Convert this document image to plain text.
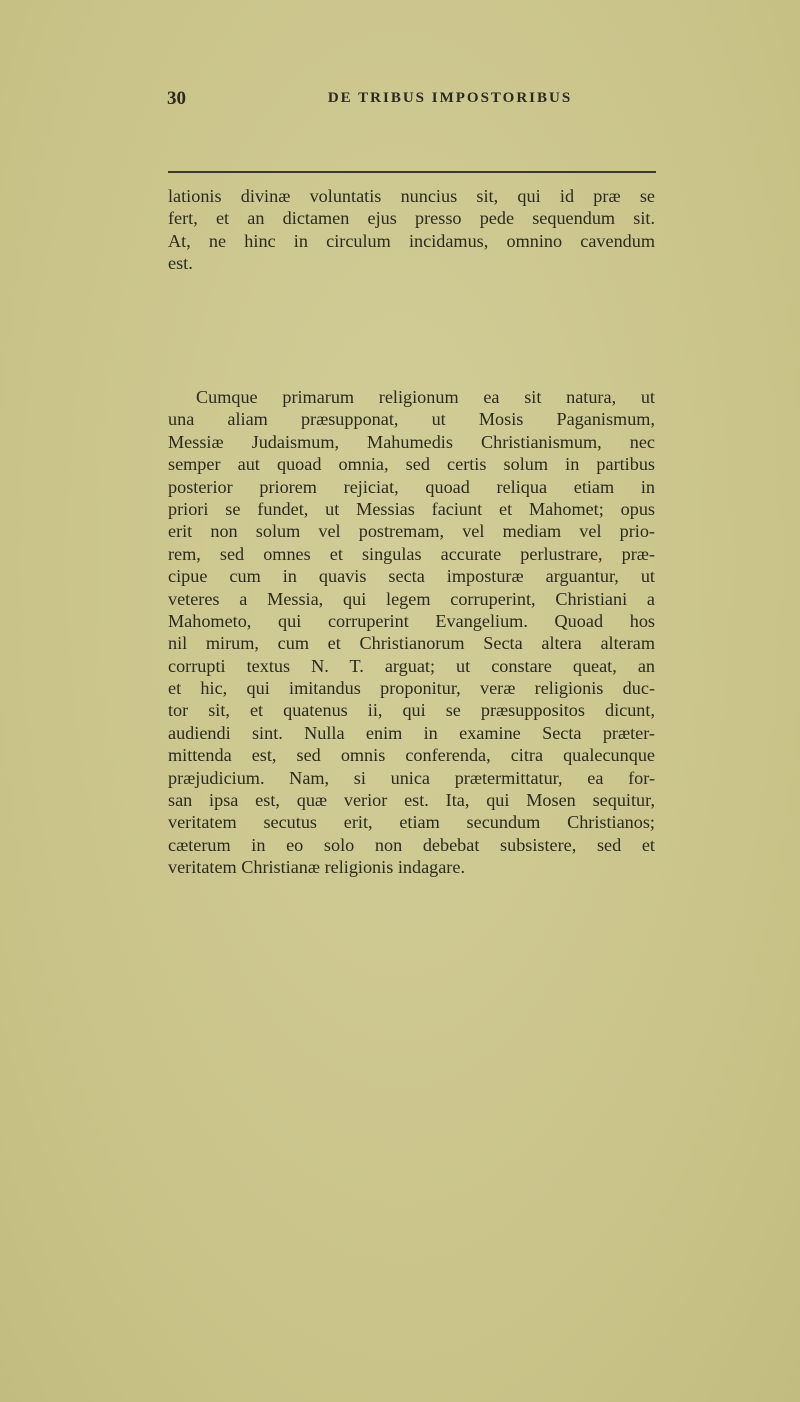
30	DE TRIBUS IMPOSTORIBUS
lationis divinæ voluntatis nuncius sit, qui id præ se
fert, et an dictamen ejus presso pede sequendum sit.
At, ne hinc in circulum incidamus, omnino cavendum
est.
Cumque primarum religionum ea sit natura, ut
una aliam præsupponat, ut Mosis Paganismum,
Messiæ Judaismum, Mahumedis Christianismum, nec
semper aut quoad omnia, sed certis solum in partibus
posterior priorem rejiciat, quoad reliqua etiam in
priori se fundet, ut Messias faciunt et Mahomet; opus
erit non solum vel postremam, vel mediam vel prio-
rem, sed omnes et singulas accurate perlustrare, præ-
cipue cum in quavis secta imposturæ arguantur, ut
veteres a Messia, qui legem corruperint, Christiani a
Mahometo, qui corruperint Evangelium. Quoad hos
nil mirum, cum et Christianorum Secta altera alteram
corrupti textus N. T. arguat; ut constare queat, an
et hic, qui imitandus proponitur, veræ religionis duc-
tor sit, et quatenus ii, qui se præsuppositos dicunt,
audiendi sint. Nulla enim in examine Secta præter-
mittenda est, sed omnis conferenda, citra qualecunque
præjudicium. Nam, si unica prætermittatur, ea for-
san ipsa est, quæ verior est. Ita, qui Mosen sequitur,
veritatem secutus erit, etiam secundum Christianos;
cæterum in eo solo non debebat subsistere, sed et
veritatem Christianæ religionis indagare.
